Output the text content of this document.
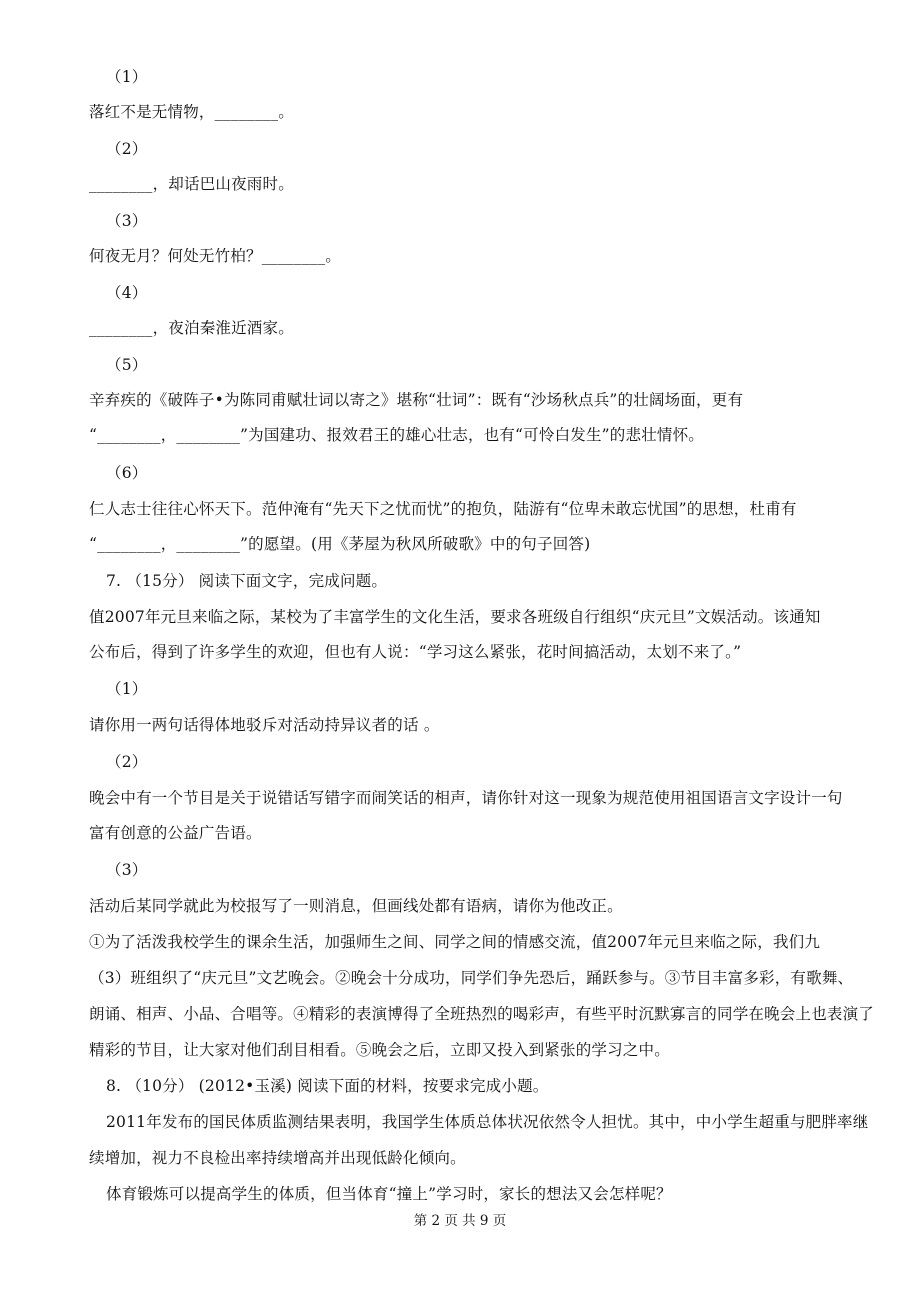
（1）
落红不是无情物，________。
（2）
________，却话巴山夜雨时。
（3）
何夜无月？何处无竹柏？________。
（4）
________，夜泊秦淮近酒家。
（5）
辛弃疾的《破阵子•为陈同甫赋壮词以寄之》堪称“壮词”：既有“沙场秋点兵”的壮阔场面，更有
“________，________”为国建功、报效君王的雄心壮志，也有“可怜白发生”的悲壮情怀。
（6）
仁人志士往往心怀天下。范仲淹有“先天下之忧而忧”的抱负，陆游有“位卑未敢忘忧国”的思想，杜甫有
“________，________”的愿望。(用《茅屋为秋风所破歌》中的句子回答)
7. （15分） 阅读下面文字，完成问题。
值2007年元旦来临之际，某校为了丰富学生的文化生活，要求各班级自行组织“庆元旦”文娱活动。该通知
公布后，得到了许多学生的欢迎，但也有人说：“学习这么紧张，花时间搞活动，太划不来了。”
（1）
请你用一两句话得体地驳斥对活动持异议者的话 。
（2）
晚会中有一个节目是关于说错话写错字而闹笑话的相声，请你针对这一现象为规范使用祖国语言文字设计一句
富有创意的公益广告语。
（3）
活动后某同学就此为校报写了一则消息，但画线处都有语病，请你为他改正。
①为了活泼我校学生的课余生活，加强师生之间、同学之间的情感交流，值2007年元旦来临之际，我们九
（3）班组织了“庆元旦”文艺晚会。②晚会十分成功，同学们争先恐后，踊跃参与。③节目丰富多彩，有歌舞、
朗诵、相声、小品、合唱等。④精彩的表演博得了全班热烈的喝彩声，有些平时沉默寡言的同学在晚会上也表演了
精彩的节目，让大家对他们刮目相看。⑤晚会之后，立即又投入到紧张的学习之中。
8. （10分） (2012•玉溪) 阅读下面的材料，按要求完成小题。
2011年发布的国民体质监测结果表明，我国学生体质总体状况依然令人担忧。其中，中小学生超重与肥胖率继
续增加，视力不良检出率持续增高并出现低龄化倾向。
体育锻炼可以提高学生的体质，但当体育“撞上”学习时，家长的想法又会怎样呢？
第 2 页 共 9 页
